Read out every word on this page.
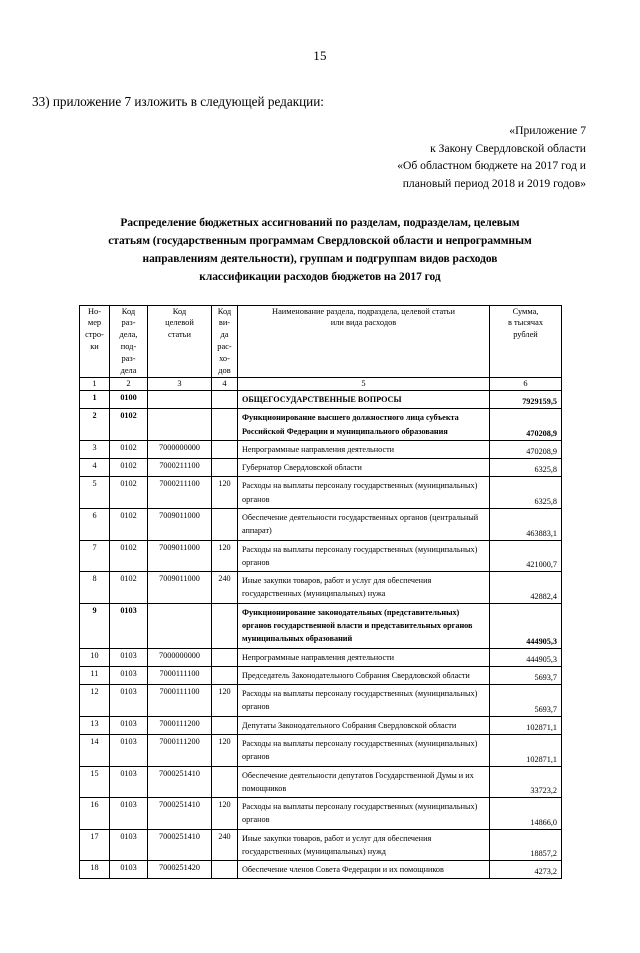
15
33) приложение 7 изложить в следующей редакции:
«Приложение 7
к Закону Свердловской области
«Об областном бюджете на 2017 год и
плановый период 2018 и 2019 годов»
Распределение бюджетных ассигнований по разделам, подразделам, целевым
статьям (государственным программам Свердловской области и непрограммным
направлениям деятельности), группам и подгруппам видов расходов
классификации расходов бюджетов на 2017 год
Но-
мер
стро-
ки	Код
раз-
дела,
под-
раз-
дела	Код
целевой
статьи	Код
ви-
да
рас-
хо-
дов	Наименование раздела, подраздела, целевой статьи
или вида расходов	Сумма,
в тысячах
рублей
1	2	3	4	5	6
1	0100			ОБЩЕГОСУДАРСТВЕННЫЕ ВОПРОСЫ	7929159,5
2	0102			Функционирование высшего должностного лица субъекта Российской Федерации и муниципального образования	470208,9
3	0102	7000000000		Непрограммные направления деятельности	470208,9
4	0102	7000211100		Губернатор Свердловской области	6325,8
5	0102	7000211100	120	Расходы на выплаты персоналу государственных (муниципальных) органов	6325,8
6	0102	7009011000		Обеспечение деятельности государственных органов (центральный аппарат)	463883,1
7	0102	7009011000	120	Расходы на выплаты персоналу государственных (муниципальных) органов	421000,7
8	0102	7009011000	240	Иные закупки товаров, работ и услуг для обеспечения государственных (муниципальных) нужа	42882,4
9	0103			Функционирование законодательных (представительных) органов государственной власти и представительных органов муниципальных образований	444905,3
10	0103	7000000000		Непрограммные направления деятельности	444905,3
11	0103	7000111100		Председатель Законодательного Собрания Свердловской области	5693,7
12	0103	7000111100	120	Расходы на выплаты персоналу государственных (муниципальных) органов	5693,7
13	0103	7000111200		Депутаты Законодательного Собрания Свердловской области	102871,1
14	0103	7000111200	120	Расходы на выплаты персоналу государственных (муниципальных) органов	102871,1
15	0103	7000251410		Обеспечение деятельности депутатов Государственной Думы и их помощников	33723,2
16	0103	7000251410	120	Расходы на выплаты персоналу государственных (муниципальных) органов	14866,0
17	0103	7000251410	240	Иные закупки товаров, работ и услуг для обеспечения государственных (муниципальных) нужд	18857,2
18	0103	7000251420		Обеспечение членов Совета Федерации и их помощников	4273,2
